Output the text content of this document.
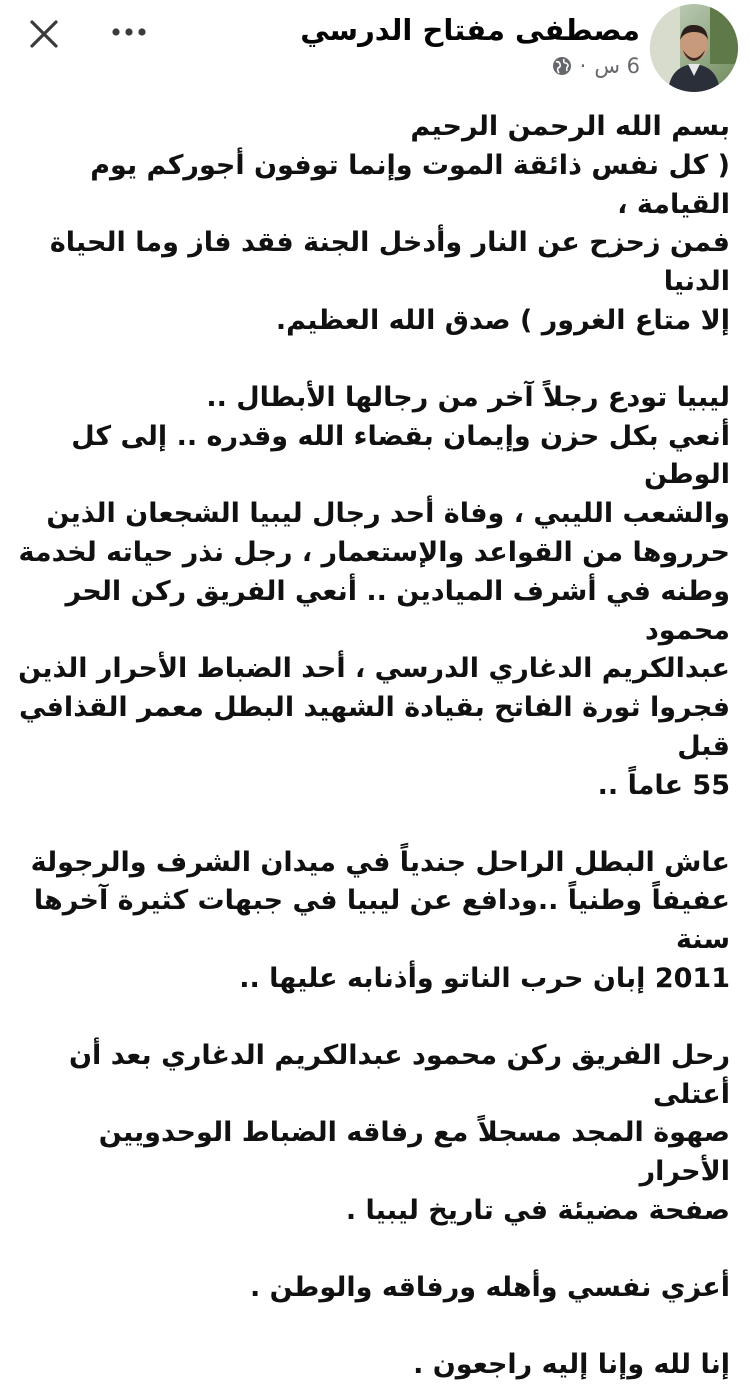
مصطفى مفتاح الدرسي
6 س
·

بسم الله الرحمن الرحيم

( كل نفس ذائقة الموت وإنما توفون أجوركم يوم القيامة ،

فمن زحزح عن النار وأدخل الجنة فقد فاز وما الحياة الدنيا

إلا متاع الغرور ) صدق الله العظيم.

ليبيا تودع رجلاً آخر من رجالها الأبطال ..

أنعي بكل حزن وإيمان بقضاء الله وقدره .. إلى كل الوطن

والشعب الليبي ، وفاة أحد رجال ليبيا الشجعان الذين

حرروها من القواعد والإستعمار ، رجل نذر حياته لخدمة

وطنه في أشرف الميادين .. أنعي الفريق ركن الحر محمود

عبدالكريم الدغاري الدرسي ، أحد الضباط الأحرار الذين

فجروا ثورة الفاتح بقيادة الشهيد البطل معمر القذافي قبل

55 عاماً ..

عاش البطل الراحل جندياً في ميدان الشرف والرجولة

عفيفاً وطنياً ..ودافع عن ليبيا في جبهات كثيرة آخرها سنة

2011 إبان حرب الناتو وأذنابه عليها ..

رحل الفريق ركن محمود عبدالكريم الدغاري بعد أن أعتلى

صهوة المجد مسجلاً مع رفاقه الضباط الوحدويين الأحرار

صفحة مضيئة في تاريخ ليبيا .

أعزي نفسي وأهله ورفاقه والوطن .

إنا لله وإنا إليه راجعون .
